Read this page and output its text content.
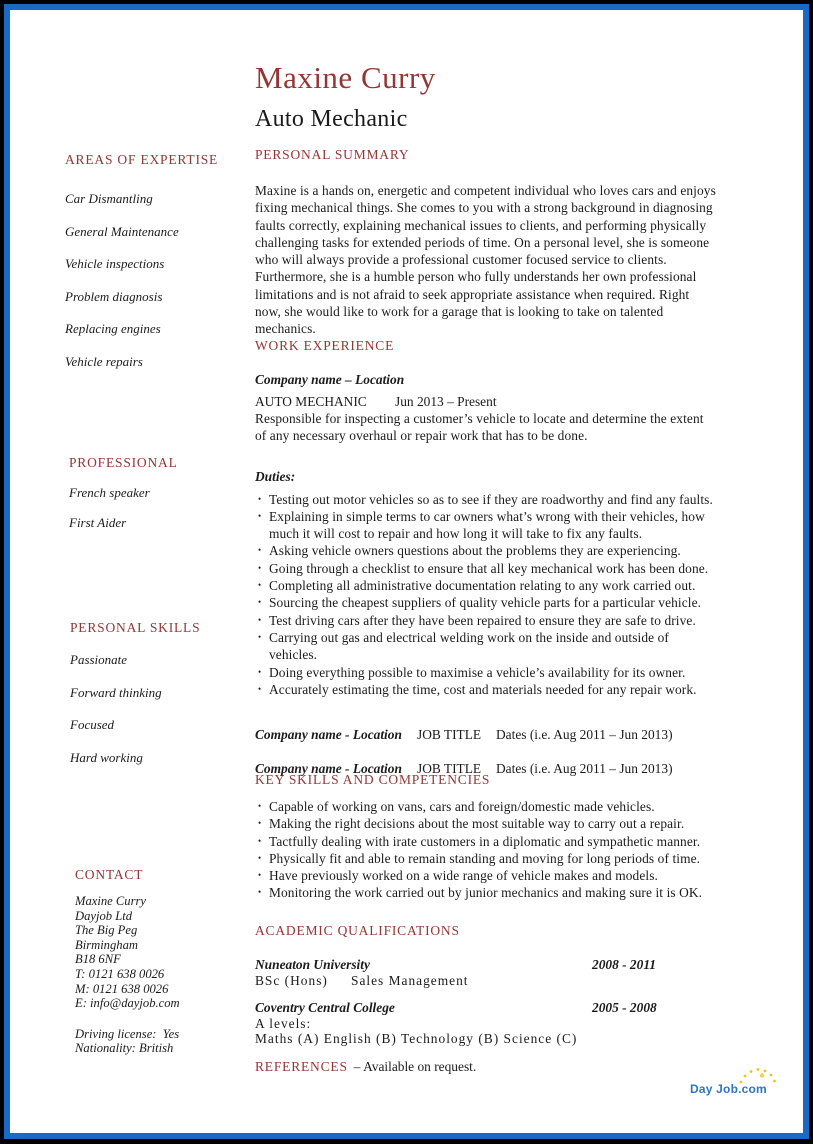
Maxine Curry
Auto Mechanic
AREAS OF EXPERTISE
Car Dismantling
General Maintenance
Vehicle inspections
Problem diagnosis
Replacing engines
Vehicle repairs
PROFESSIONAL
French speaker
First Aider
PERSONAL SKILLS
Passionate
Forward thinking
Focused
Hard working
CONTACT
Maxine Curry
Dayjob Ltd
The Big Peg
Birmingham
B18 6NF
T: 0121 638 0026
M: 0121 638 0026
E: info@dayjob.com
Driving license:  Yes
Nationality: British
PERSONAL SUMMARY

Maxine is a hands on, energetic and competent individual who loves cars and enjoys fixing mechanical things. She comes to you with a strong background in diagnosing faults correctly, explaining mechanical issues to clients, and performing physically challenging tasks for extended periods of time. On a personal level, she is someone who will always provide a professional customer focused service to clients. Furthermore, she is a humble person who fully understands her own professional limitations and is not afraid to seek appropriate assistance when required. Right now, she would like to work for a garage that is looking to take on talented mechanics.

WORK EXPERIENCE
Company name – Location
AUTO MECHANIC Jun 2013 – Present

Responsible for inspecting a customer’s vehicle to locate and determine the extent of any necessary overhaul or repair work that has to be done.

Duties:
• Testing out motor vehicles so as to see if they are roadworthy and find any faults.
• Explaining in simple terms to car owners what’s wrong with their vehicles, how much it will cost to repair and how long it will take to fix any faults.
• Asking vehicle owners questions about the problems they are experiencing.
• Going through a checklist to ensure that all key mechanical work has been done.
• Completing all administrative documentation relating to any work carried out.
• Sourcing the cheapest suppliers of quality vehicle parts for a particular vehicle.
• Test driving cars after they have been repaired to ensure they are safe to drive.
• Carrying out gas and electrical welding work on the inside and outside of vehicles.
• Doing everything possible to maximise a vehicle’s availability for its owner.
• Accurately estimating the time, cost and materials needed for any repair work.
Company name - Location JOB TITLE Dates (i.e. Aug 2011 – Jun 2013)
Company name - Location JOB TITLE Dates (i.e. Aug 2011 – Jun 2013)
KEY SKILLS AND COMPETENCIES
• Capable of working on vans, cars and foreign/domestic made vehicles.
• Making the right decisions about the most suitable way to carry out a repair.
• Tactfully dealing with irate customers in a diplomatic and sympathetic manner.
• Physically fit and able to remain standing and moving for long periods of time.
• Have previously worked on a wide range of vehicle makes and models.
• Monitoring the work carried out by junior mechanics and making sure it is OK.
ACADEMIC QUALIFICATIONS
Nuneaton University	2008 - 2011
BSc (Hons) Sales Management
Coventry Central College	2005 - 2008
A levels:
Maths (A) English (B) Technology (B) Science (C)
REFERENCES – Available on request.
Day Job.com
